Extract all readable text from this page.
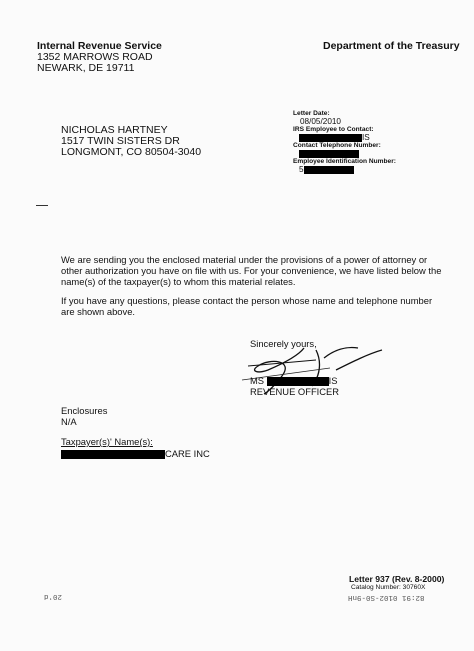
Internal Revenue Service
1352 MARROWS ROAD
NEWARK, DE 19711
Department of the Treasury
Letter Date:
08/05/2010
IRS Employee to Contact:
IS
Contact Telephone Number:
Employee Identification Number:
5
NICHOLAS HARTNEY
1517 TWIN SISTERS DR
LONGMONT, CO 80504-3040
We are sending you the enclosed material under the provisions of a power of attorney or
other authorization you have on file with us. For your convenience, we have listed below the
name(s) of the taxpayer(s) to whom this material relates.
If you have any questions, please contact the person whose name and telephone number
are shown above.
Sincerely yours,
MS	IS
REVENUE OFFICER
Enclosures
N/A
Taxpayer(s)' Name(s):
CARE INC
Letter 937 (Rev. 8-2000)
Catalog Number: 30760X
82:91 0102-S0-9nH
20'd
